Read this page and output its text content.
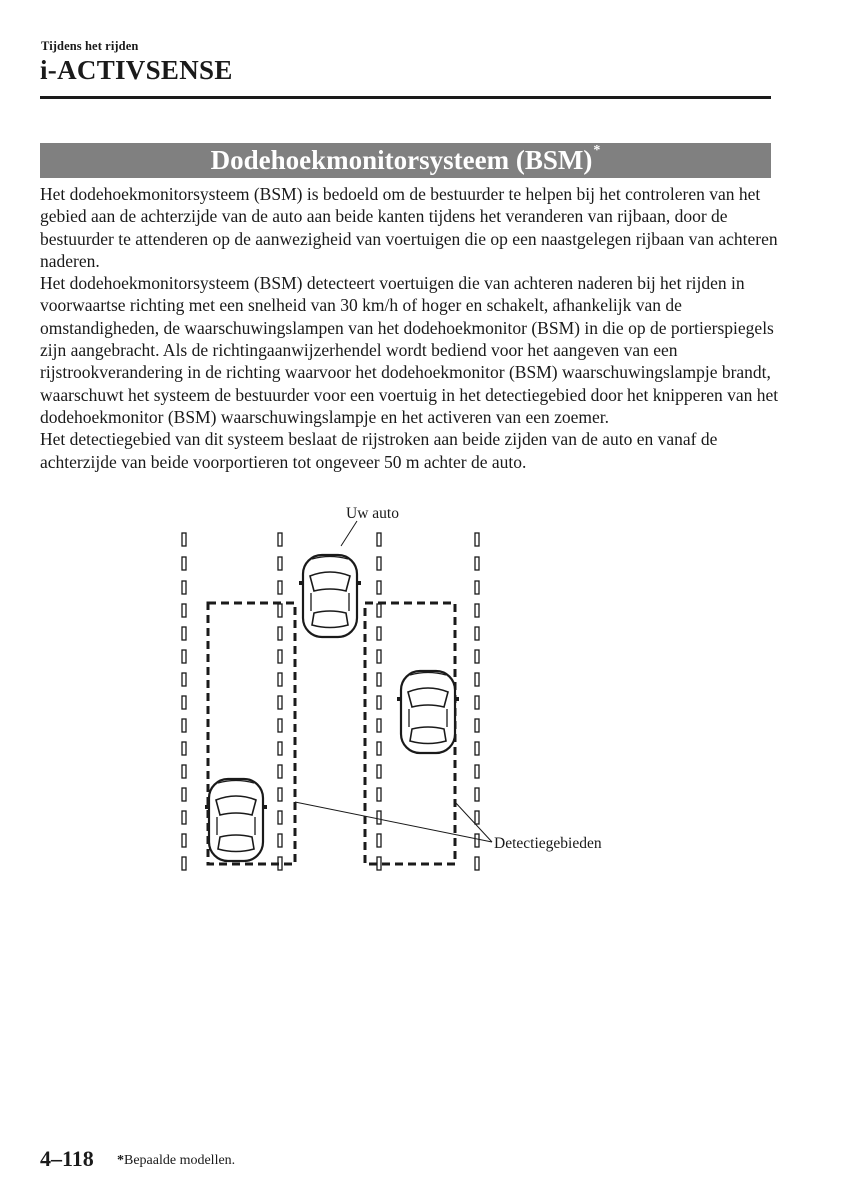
Tijdens het rijden
i-ACTIVSENSE
Dodehoekmonitorsysteem (BSM)*

Het dodehoekmonitorsysteem (BSM) is bedoeld om de bestuurder te helpen bij het controleren van het gebied aan de achterzijde van de auto aan beide kanten tijdens het veranderen van rijbaan, door de bestuurder te attenderen op de aanwezigheid van voertuigen die op een naastgelegen rijbaan van achteren naderen.

Het dodehoekmonitorsysteem (BSM) detecteert voertuigen die van achteren naderen bij het rijden in voorwaartse richting met een snelheid van 30 km/h of hoger en schakelt, afhankelijk van de omstandigheden, de waarschuwingslampen van het dodehoekmonitor (BSM) in die op de portierspiegels zijn aangebracht. Als de richtingaanwijzerhendel wordt bediend voor het aangeven van een rijstrookverandering in de richting waarvoor het dodehoekmonitor (BSM) waarschuwingslampje brandt, waarschuwt het systeem de bestuurder voor een voertuig in het detectiegebied door het knipperen van het dodehoekmonitor (BSM) waarschuwingslampje en het activeren van een zoemer.

Het detectiegebied van dit systeem beslaat de rijstroken aan beide zijden van de auto en vanaf de achterzijde van beide voorportieren tot ongeveer 50 m achter de auto.

Uw auto
Detectiegebieden
4–118 *Bepaalde modellen.
